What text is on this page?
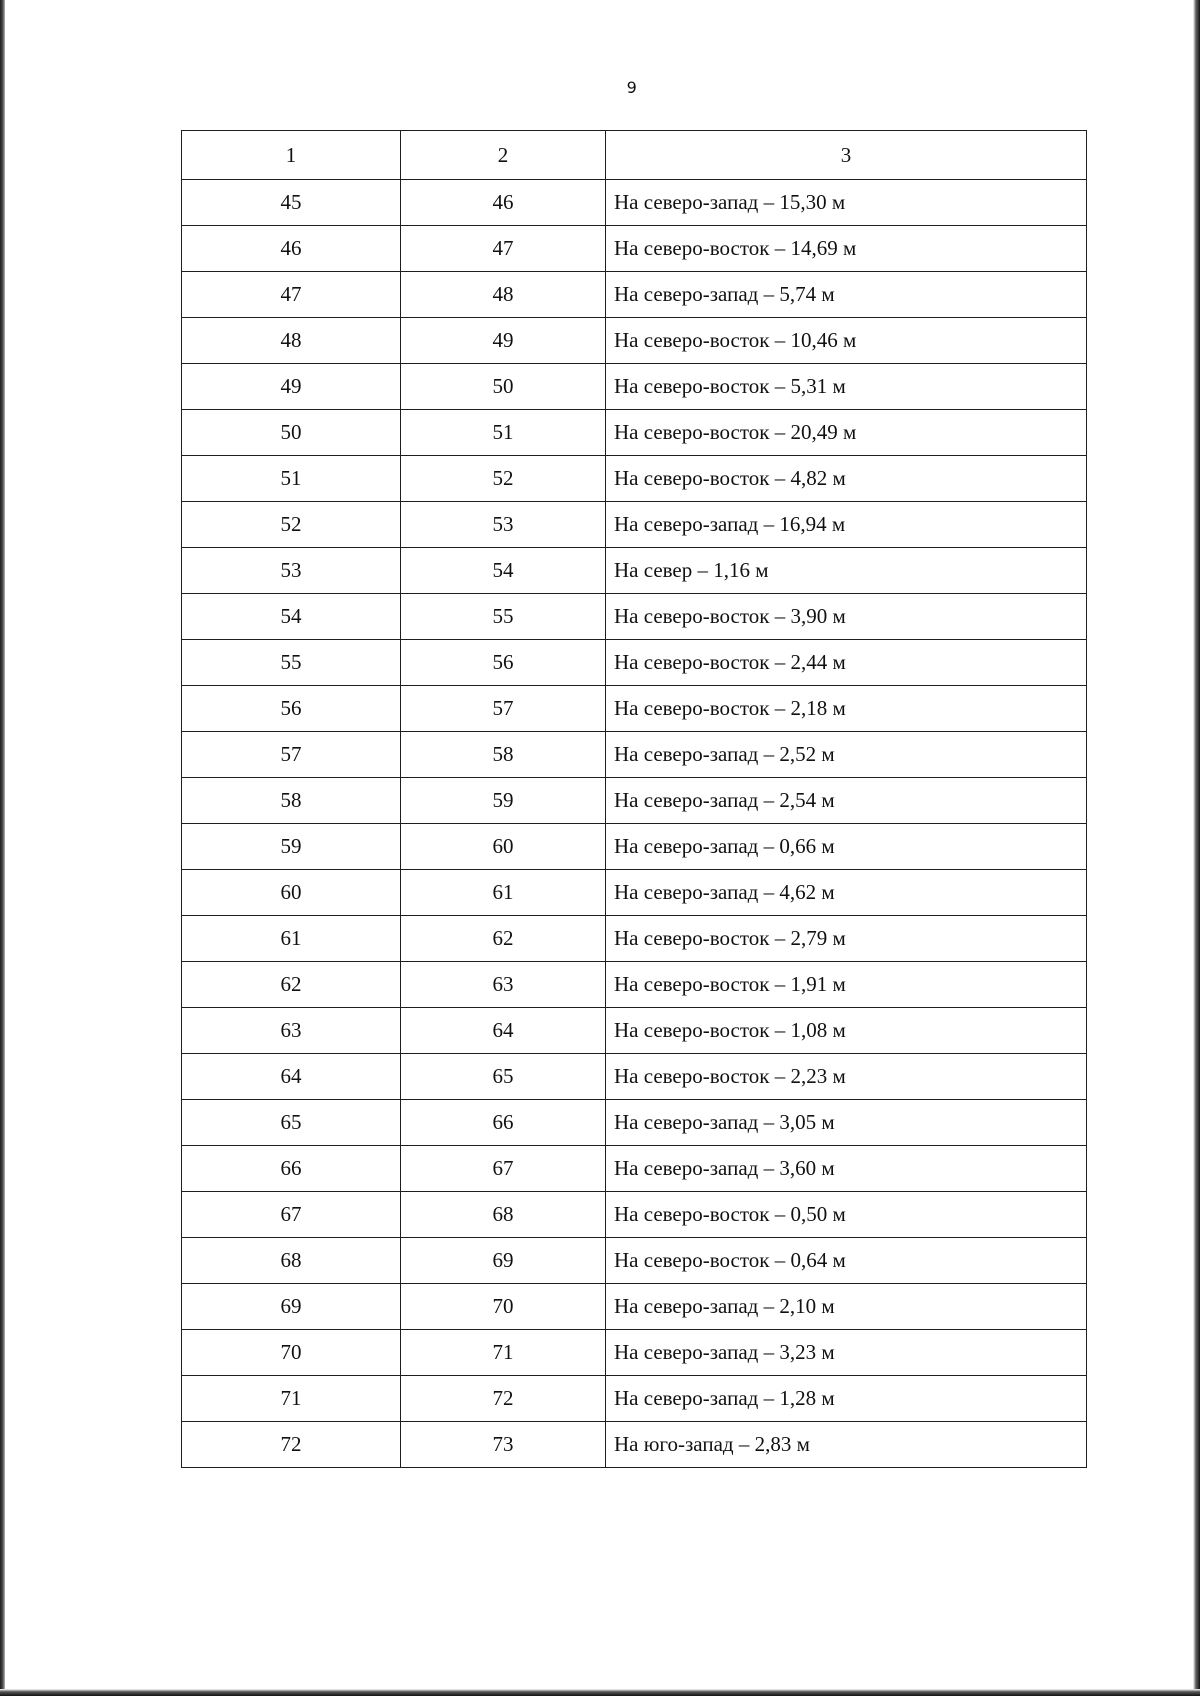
9
1	2	3
45	46	На северо-запад – 15,30 м
46	47	На северо-восток – 14,69 м
47	48	На северо-запад – 5,74 м
48	49	На северо-восток – 10,46 м
49	50	На северо-восток – 5,31 м
50	51	На северо-восток – 20,49 м
51	52	На северо-восток – 4,82 м
52	53	На северо-запад – 16,94 м
53	54	На север – 1,16 м
54	55	На северо-восток – 3,90 м
55	56	На северо-восток – 2,44 м
56	57	На северо-восток – 2,18 м
57	58	На северо-запад – 2,52 м
58	59	На северо-запад – 2,54 м
59	60	На северо-запад – 0,66 м
60	61	На северо-запад – 4,62 м
61	62	На северо-восток – 2,79 м
62	63	На северо-восток – 1,91 м
63	64	На северо-восток – 1,08 м
64	65	На северо-восток – 2,23 м
65	66	На северо-запад – 3,05 м
66	67	На северо-запад – 3,60 м
67	68	На северо-восток – 0,50 м
68	69	На северо-восток – 0,64 м
69	70	На северо-запад – 2,10 м
70	71	На северо-запад – 3,23 м
71	72	На северо-запад – 1,28 м
72	73	На юго-запад – 2,83 м
